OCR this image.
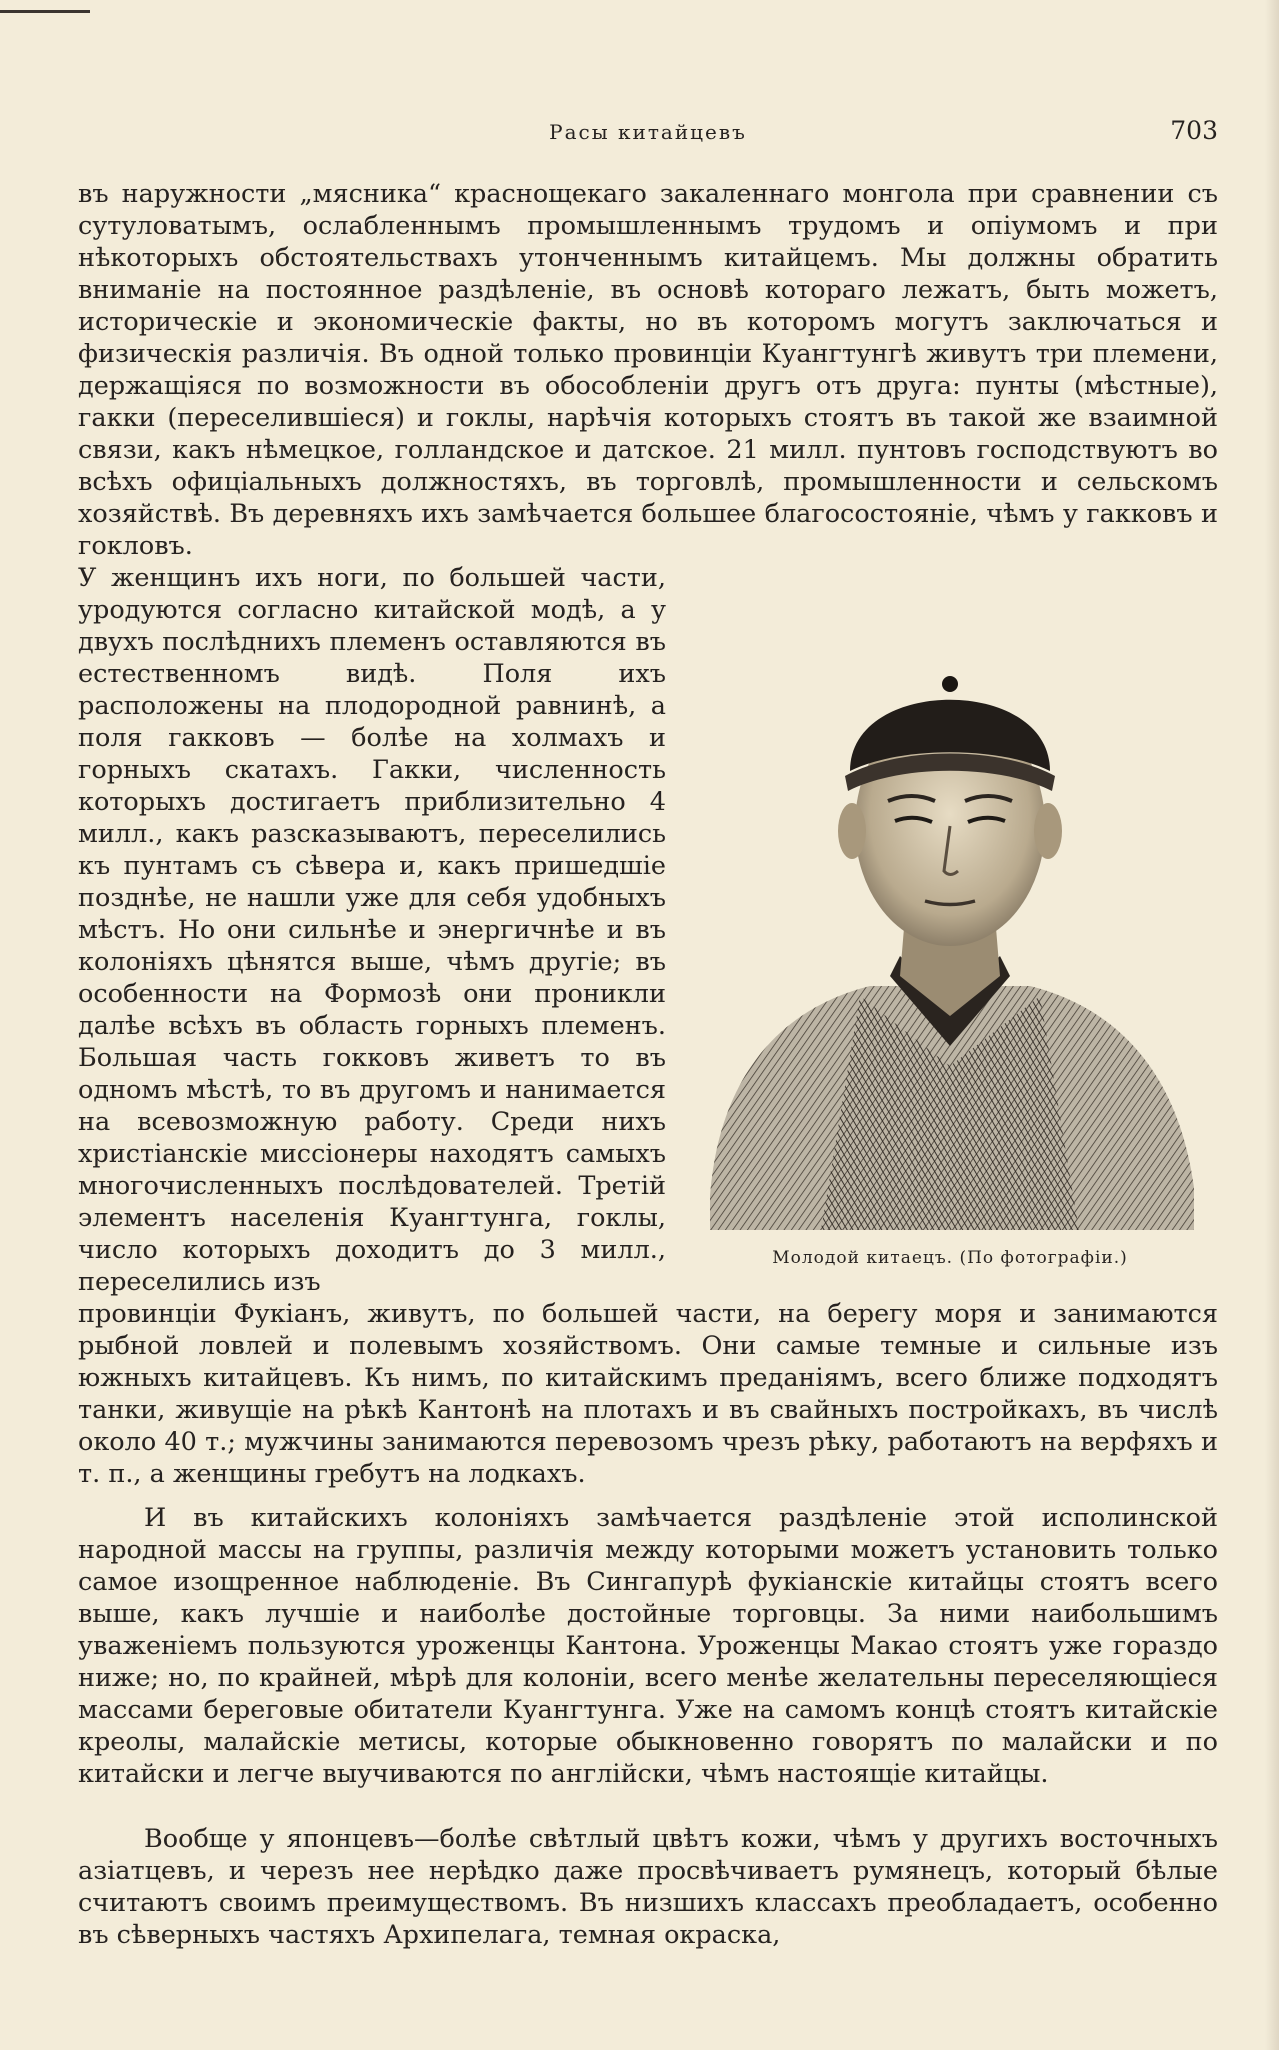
Расы китайцевъ	703
въ наружности „мясника“ краснощекаго закаленнаго монгола при сравнении съ сутуловатымъ, ослабленнымъ промышленнымъ трудомъ и опіумомъ и при нѣкоторыхъ обстоятельствахъ утонченнымъ китайцемъ. Мы должны обратить вниманіе на постоянное раздѣленіе, въ основѣ котораго лежатъ, быть можетъ, историческіе и экономическіе факты, но въ которомъ могутъ заключаться и физическія различія. Въ одной только провинціи Куангтунгѣ живутъ три племени, держащіяся по возможности въ обособленіи другъ отъ друга: пунты (мѣстные), гакки (переселившіеся) и гоклы, нарѣчія которыхъ стоятъ въ такой же взаимной связи, какъ нѣмецкое, голландское и датское. 21 милл. пунтовъ господствуютъ во всѣхъ офиціальныхъ должностяхъ, въ торговлѣ, промышленности и сельскомъ хозяйствѣ. Въ деревняхъ ихъ замѣчается большее благосостояніе, чѣмъ у гакковъ и гокловъ.
У женщинъ ихъ ноги, по большей части, уродуются согласно китайской модѣ, а у двухъ послѣднихъ племенъ оставляются въ естественномъ видѣ. Поля ихъ расположены на плодородной равнинѣ, а поля гакковъ — болѣе на холмахъ и горныхъ скатахъ. Гакки, численность которыхъ достигаетъ приблизительно 4 милл., какъ разсказываютъ, переселились къ пунтамъ съ сѣвера и, какъ пришедшіе позднѣе, не нашли уже для себя удобныхъ мѣстъ. Но они сильнѣе и энергичнѣе и въ колоніяхъ цѣнятся выше, чѣмъ другіе; въ особенности на Формозѣ они проникли далѣе всѣхъ въ область горныхъ племенъ. Большая часть гокковъ живетъ то въ одномъ мѣстѣ, то въ другомъ и нанимается на всевозможную работу. Среди нихъ христіанскіе миссіонеры находятъ самыхъ многочисленныхъ послѣдователей. Третій элементъ населенія Куангтунга, гоклы, число которыхъ доходитъ до 3 милл., переселились изъ
провинціи Фукіанъ, живутъ, по большей части, на берегу моря и занимаются рыбной ловлей и полевымъ хозяйствомъ. Они самые темные и сильные изъ южныхъ китайцевъ. Къ нимъ, по китайскимъ преданіямъ, всего ближе подходятъ танки, живущіе на рѣкѣ Кантонѣ на плотахъ и въ свайныхъ постройкахъ, въ числѣ около 40 т.; мужчины занимаются перевозомъ чрезъ рѣку, работаютъ на верфяхъ и т. п., а женщины гребутъ на лодкахъ.
Молодой китаецъ. (По фотографіи.)

И въ китайскихъ колоніяхъ замѣчается раздѣленіе этой исполинской народной массы на группы, различія между которыми можетъ установить только самое изощренное наблюденіе. Въ Сингапурѣ фукіанскіе китайцы стоятъ всего выше, какъ лучшіе и наиболѣе достойные торговцы. За ними наибольшимъ уваженіемъ пользуются уроженцы Кантона. Уроженцы Макао стоятъ уже гораздо ниже; но, по крайней, мѣрѣ для колоніи, всего менѣе желательны переселяющіеся массами береговые обитатели Куангтунга. Уже на самомъ концѣ стоятъ китайскіе креолы, малайскіе метисы, которые обыкновенно говорятъ по малайски и по китайски и легче выучиваются по англійски, чѣмъ настоящіе китайцы.

Вообще у японцевъ—болѣе свѣтлый цвѣтъ кожи, чѣмъ у другихъ восточныхъ азіатцевъ, и черезъ нее нерѣдко даже просвѣчиваетъ румянецъ, который бѣлые считаютъ своимъ преимуществомъ. Въ низшихъ классахъ преобладаетъ, особенно въ сѣверныхъ частяхъ Архипелага, темная окраска,
